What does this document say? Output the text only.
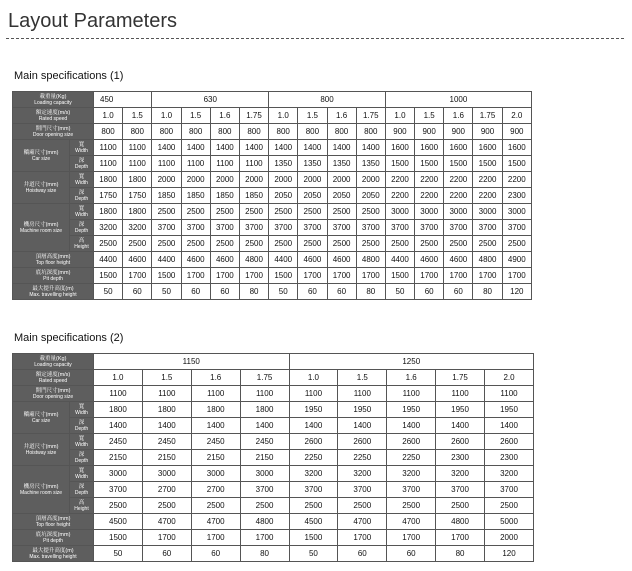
Layout Parameters
Main specifications (1)
載重量(Kg)
Loading capacity		450		630				800				1000				

額定速度(m/s)
Rated speed		1.0	1.5	1.0	1.5	1.6	1.75	1.0	1.5	1.6	1.75	1.0	1.5	1.6	1.75	2.0

開門尺寸(mm)
Door opening size		800	800	800	800	800	800	800	800	800	800	900	900	900	900	900

轎廂尺寸(mm)
Car size	寬
Width	1100	1100	1400	1400	1400	1400	1400	1400	1400	1400	1600	1600	1600	1600	1600

	深
Depth	1100	1100	1100	1100	1100	1100	1350	1350	1350	1350	1500	1500	1500	1500	1500

井道尺寸(mm)
Hoistway size	寬
Width	1800	1800	2000	2000	2000	2000	2000	2000	2000	2000	2200	2200	2200	2200	2200

	深
Depth	1750	1750	1850	1850	1850	1850	2050	2050	2050	2050	2200	2200	2200	2200	2300

機房尺寸(mm)
Machine room size	寬
Width	1800	1800	2500	2500	2500	2500	2500	2500	2500	2500	3000	3000	3000	3000	3000

	深
Depth	3200	3200	3700	3700	3700	3700	3700	3700	3700	3700	3700	3700	3700	3700	3700

	高
Height	2500	2500	2500	2500	2500	2500	2500	2500	2500	2500	2500	2500	2500	2500	2500

頂層高度(mm)
Top floor height		4400	4600	4400	4600	4600	4800	4400	4600	4600	4800	4400	4600	4600	4800	4900

底坑深度(mm)
Pit depth		1500	1700	1500	1700	1700	1700	1500	1700	1700	1700	1500	1700	1700	1700	1700

最大提升高度(m)
Max. travelling height		50	60	50	60	60	80	50	60	60	80	50	60	60	80	120
Main specifications (2)
載重量(Kg)
Loading capacity		1150				1250				

額定速度(m/s)
Rated speed		1.0	1.5	1.6	1.75	1.0	1.5	1.6	1.75	2.0

開門尺寸(mm)
Door opening size		1100	1100	1100	1100	1100	1100	1100	1100	1100

轎廂尺寸(mm)
Car size	寬
Width	1800	1800	1800	1800	1950	1950	1950	1950	1950

	深
Depth	1400	1400	1400	1400	1400	1400	1400	1400	1400

井道尺寸(mm)
Hoistway size	寬
Width	2450	2450	2450	2450	2600	2600	2600	2600	2600

	深
Depth	2150	2150	2150	2150	2250	2250	2250	2300	2300

機房尺寸(mm)
Machine room size	寬
Width	3000	3000	3000	3000	3200	3200	3200	3200	3200

	深
Depth	3700	2700	2700	3700	3700	3700	3700	3700	3700

	高
Height	2500	2500	2500	2500	2500	2500	2500	2500	2500

頂層高度(mm)
Top floor height		4500	4700	4700	4800	4500	4700	4700	4800	5000

底坑深度(mm)
Pit depth		1500	1700	1700	1700	1500	1700	1700	1700	2000

最大提升高度(m)
Max. travelling height		50	60	60	80	50	60	60	80	120
